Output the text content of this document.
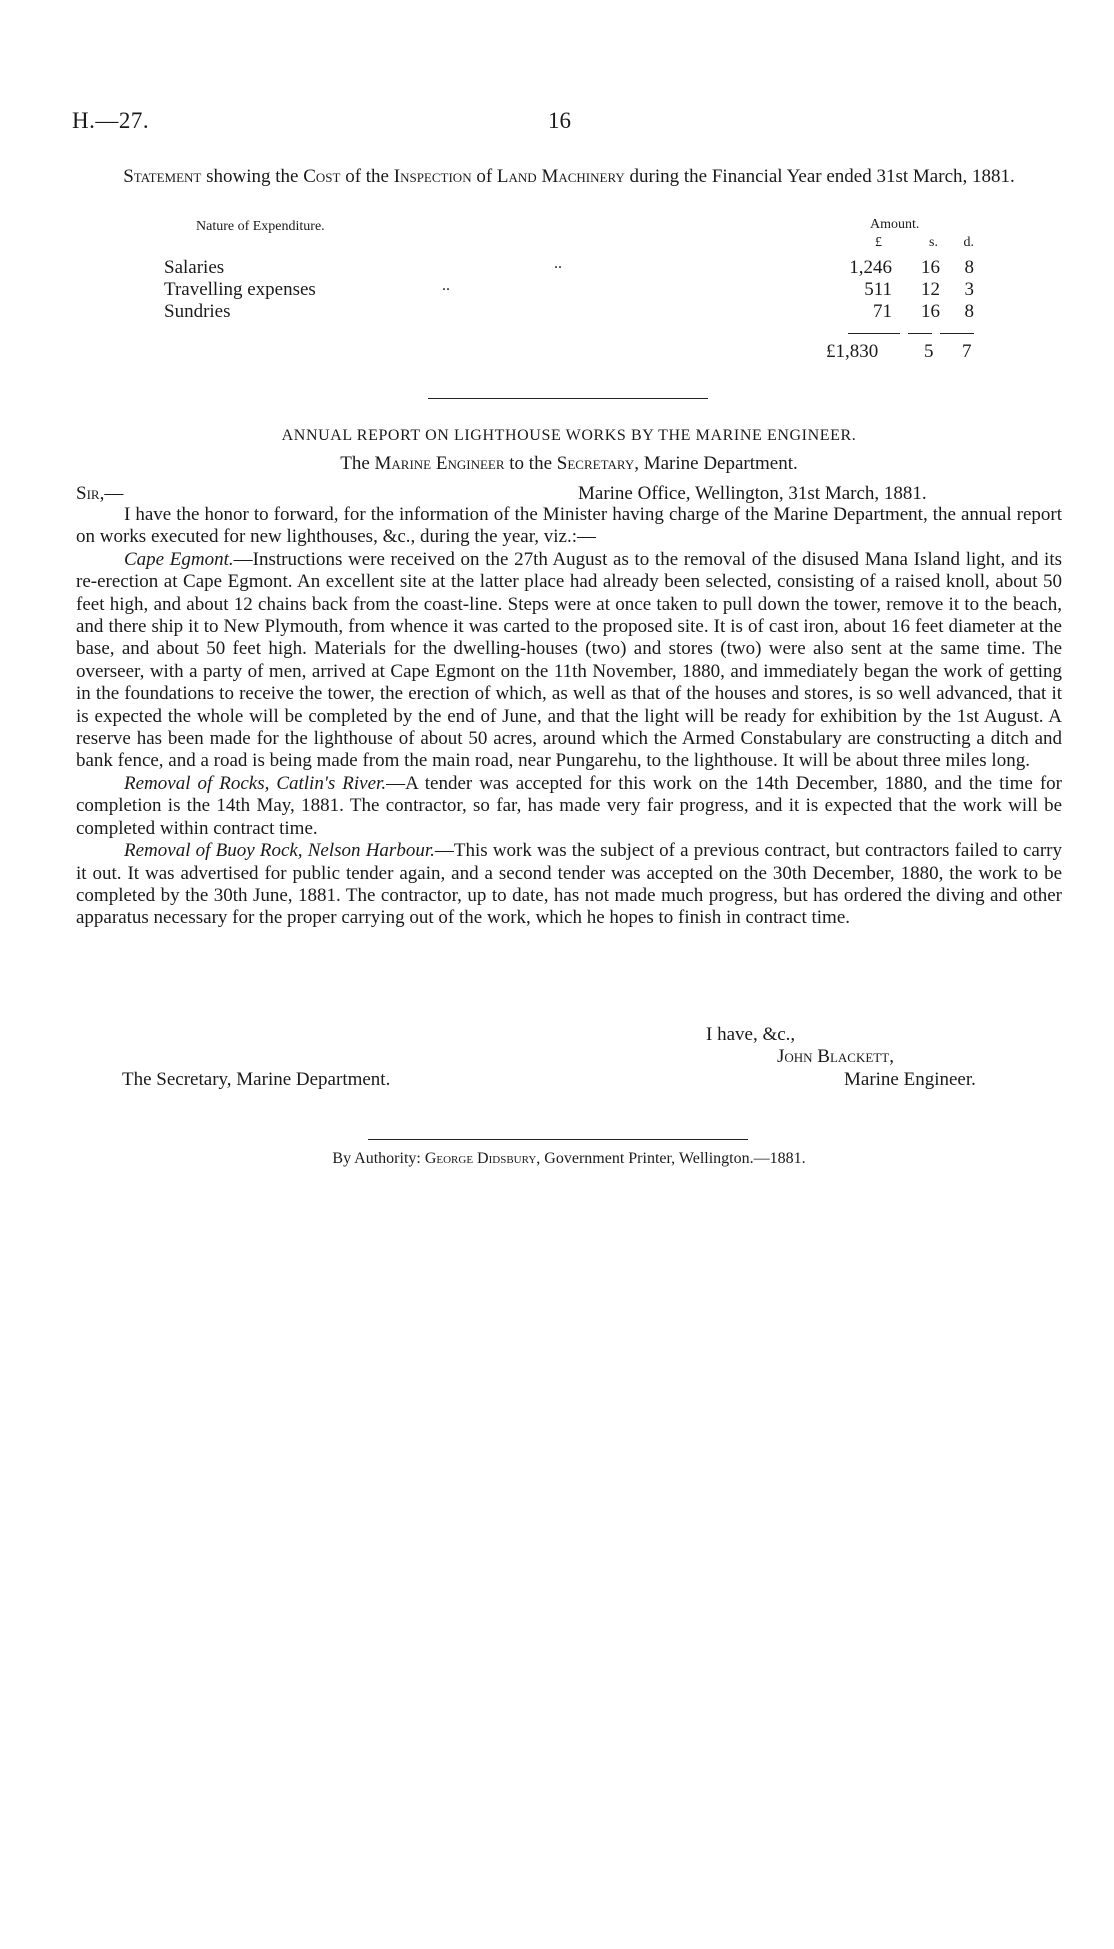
H.—27.	16
Statement showing the Cost of the Inspection of Land Machinery during the Financial Year ended 31st March, 1881.
Nature of Expenditure.	Amount.
£	s.	d.
Salaries	..	1,246 16 8
Travelling expenses	..	511 12 3
Sundries	71 16 8
£1,830 5 7
ANNUAL REPORT ON LIGHTHOUSE WORKS BY THE MARINE ENGINEER.
The Marine Engineer to the Secretary, Marine Department.
Sir,—	Marine Office, Wellington, 31st March, 1881.

I have the honor to forward, for the information of the Minister having charge of the Marine Department, the annual report on works executed for new lighthouses, &c., during the year, viz.:—

Cape Egmont.—Instructions were received on the 27th August as to the removal of the disused Mana Island light, and its re-erection at Cape Egmont. An excellent site at the latter place had already been selected, consisting of a raised knoll, about 50 feet high, and about 12 chains back from the coast-line. Steps were at once taken to pull down the tower, remove it to the beach, and there ship it to New Plymouth, from whence it was carted to the proposed site. It is of cast iron, about 16 feet diameter at the base, and about 50 feet high. Materials for the dwelling-houses (two) and stores (two) were also sent at the same time. The overseer, with a party of men, arrived at Cape Egmont on the 11th November, 1880, and immediately began the work of getting in the foundations to receive the tower, the erection of which, as well as that of the houses and stores, is so well advanced, that it is expected the whole will be completed by the end of June, and that the light will be ready for exhibition by the 1st August. A reserve has been made for the lighthouse of about 50 acres, around which the Armed Constabulary are constructing a ditch and bank fence, and a road is being made from the main road, near Pungarehu, to the lighthouse. It will be about three miles long.

Removal of Rocks, Catlin's River.—A tender was accepted for this work on the 14th December, 1880, and the time for completion is the 14th May, 1881. The contractor, so far, has made very fair progress, and it is expected that the work will be completed within contract time.

Removal of Buoy Rock, Nelson Harbour.—This work was the subject of a previous contract, but contractors failed to carry it out. It was advertised for public tender again, and a second tender was accepted on the 30th December, 1880, the work to be completed by the 30th June, 1881. The contractor, up to date, has not made much progress, but has ordered the diving and other apparatus necessary for the proper carrying out of the work, which he hopes to finish in contract time.

I have, &c.,
John Blackett,
Marine Engineer.
The Secretary, Marine Department.
By Authority: George Didsbury, Government Printer, Wellington.—1881.
